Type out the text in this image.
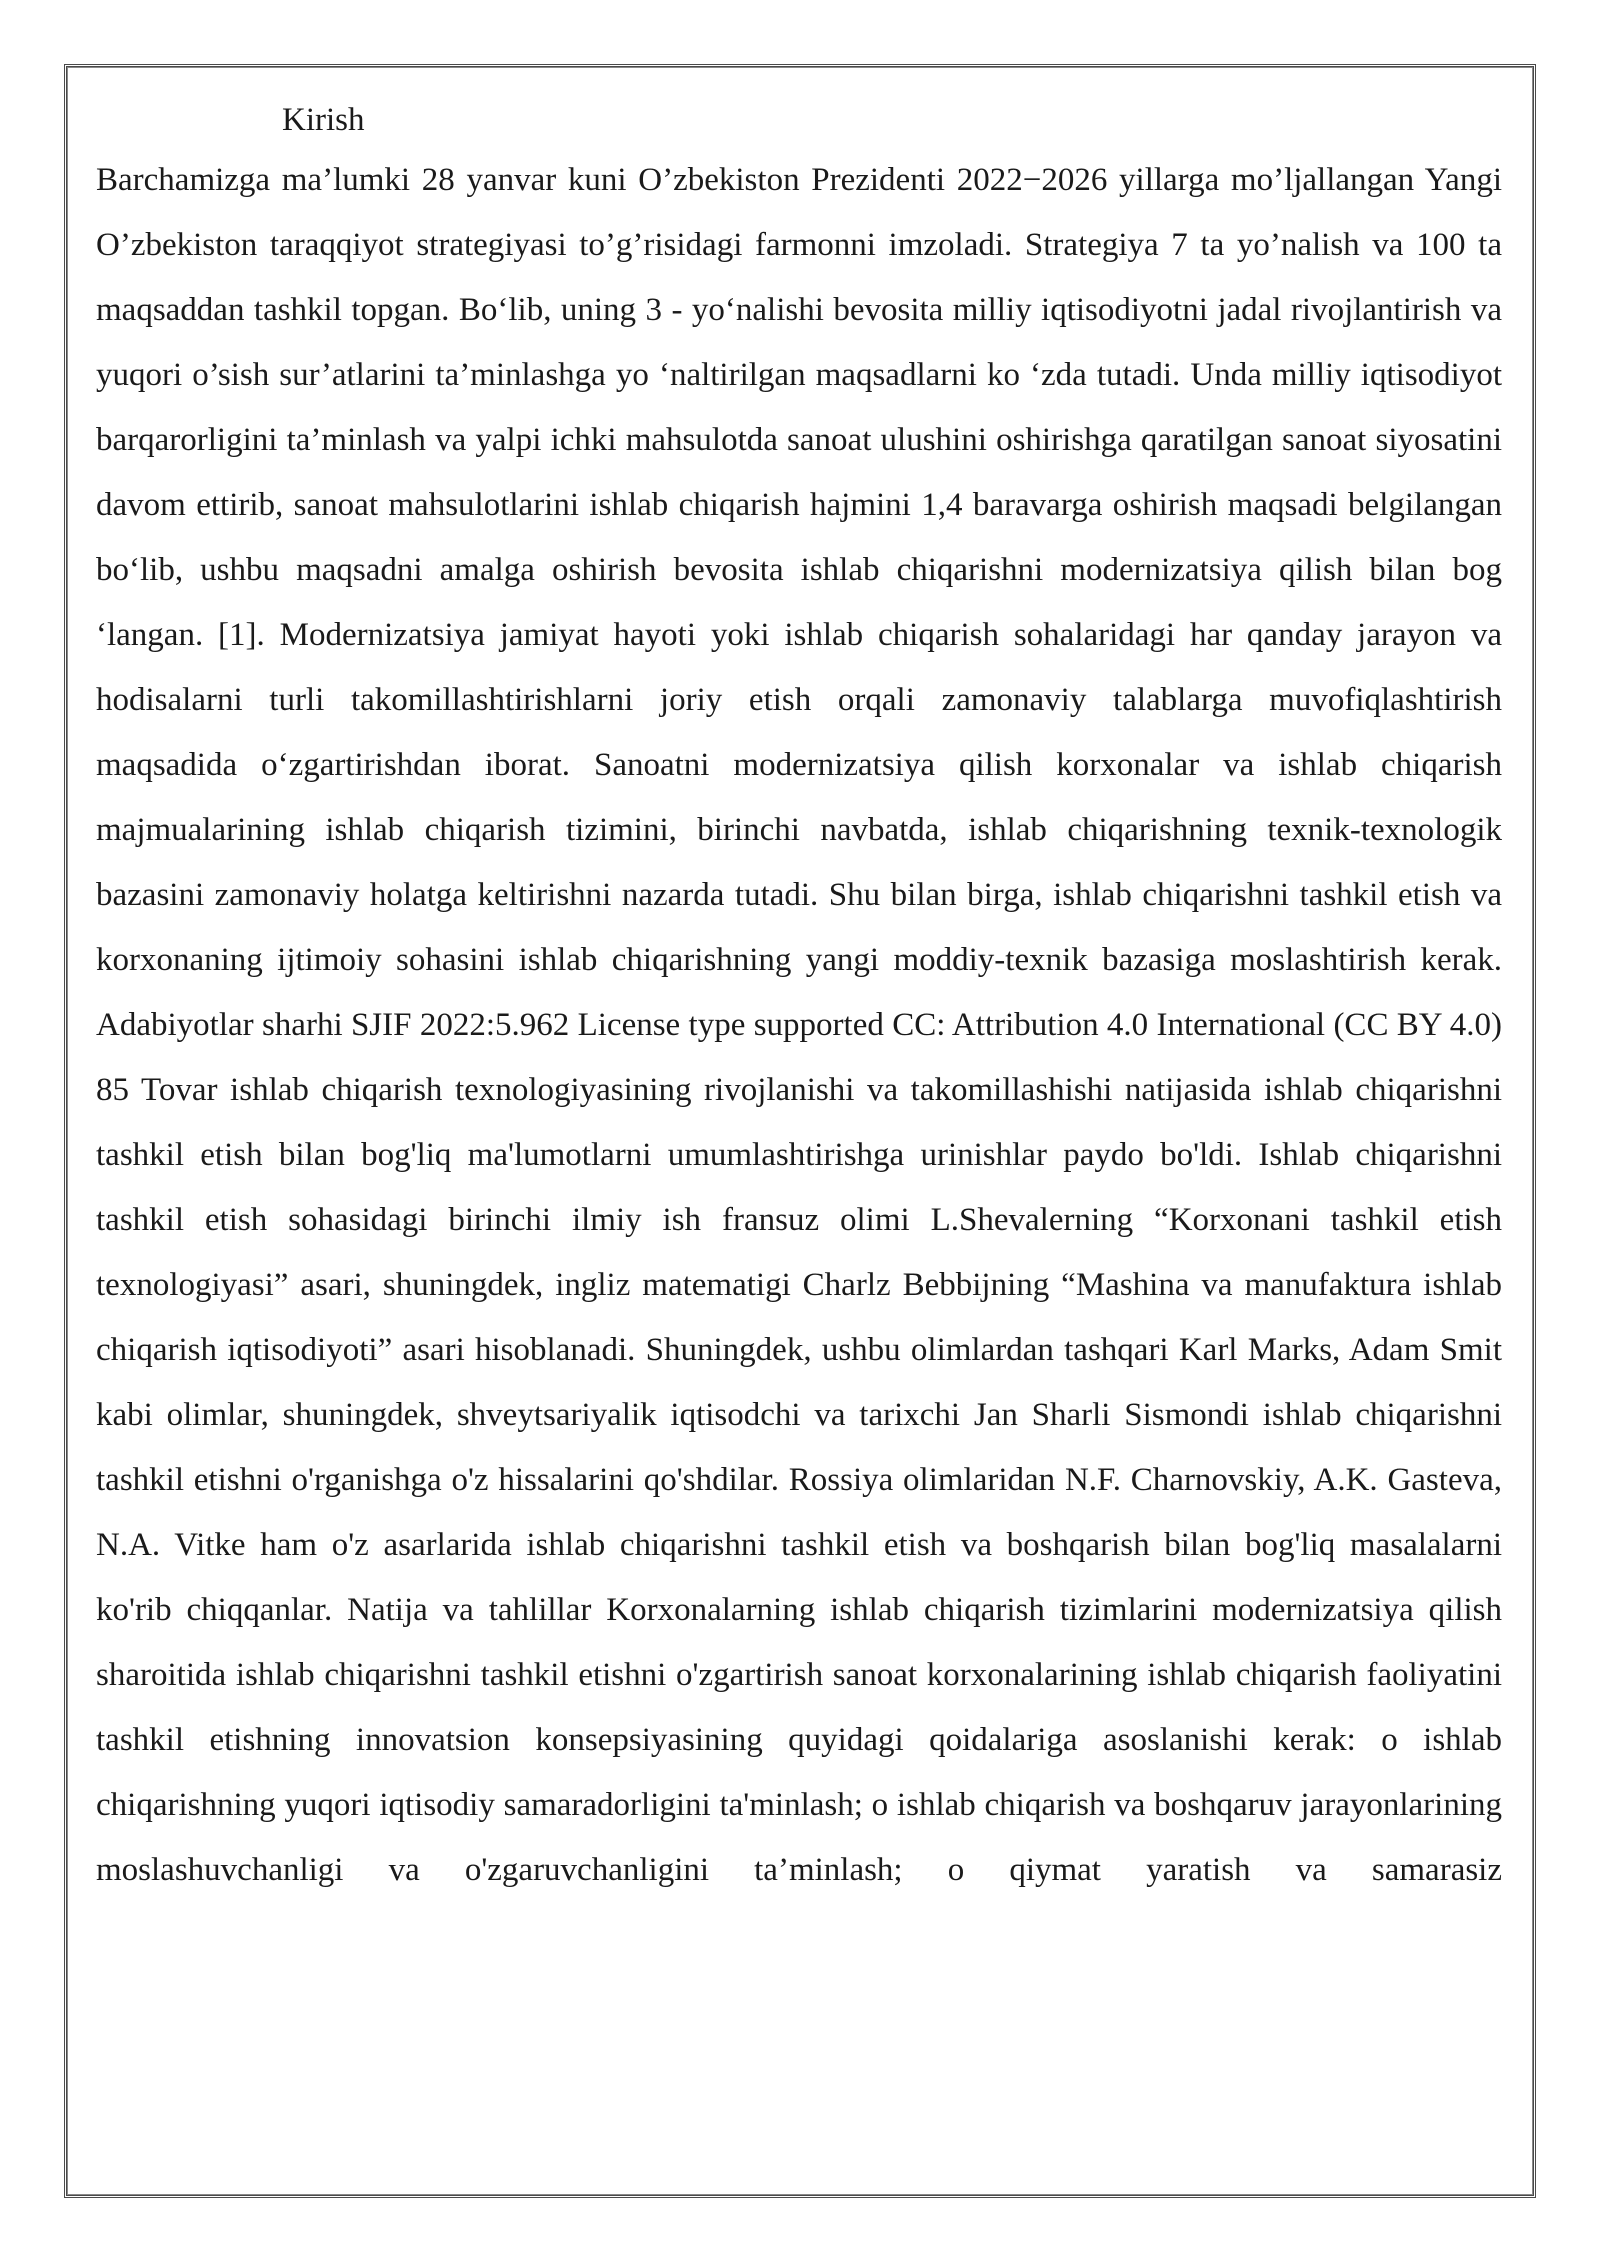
Kirish

Barchamizga ma’lumki 28 yanvar kuni O’zbekiston Prezidenti 2022−2026 yillarga mo’ljallangan Yangi O’zbekiston taraqqiyot strategiyasi to’g’risidagi farmonni imzoladi. Strategiya 7 ta yo’nalish va 100 ta maqsaddan tashkil topgan. Bo‘lib, uning 3 - yo‘nalishi bevosita milliy iqtisodiyotni jadal rivojlantirish va yuqori o’sish sur’atlarini ta’minlashga yo ‘naltirilgan maqsadlarni ko ‘zda tutadi. Unda milliy iqtisodiyot barqarorligini ta’minlash va yalpi ichki mahsulotda sanoat ulushini oshirishga qaratilgan sanoat siyosatini davom ettirib, sanoat mahsulotlarini ishlab chiqarish hajmini 1,4 baravarga oshirish maqsadi belgilangan bo‘lib, ushbu maqsadni amalga oshirish bevosita ishlab chiqarishni modernizatsiya qilish bilan bog ‘langan. [1]. Modernizatsiya jamiyat hayoti yoki ishlab chiqarish sohalaridagi har qanday jarayon va hodisalarni turli takomillashtirishlarni joriy etish orqali zamonaviy talablarga muvofiqlashtirish maqsadida o‘zgartirishdan iborat. Sanoatni modernizatsiya qilish korxonalar va ishlab chiqarish majmualarining ishlab chiqarish tizimini, birinchi navbatda, ishlab chiqarishning texnik-texnologik bazasini zamonaviy holatga keltirishni nazarda tutadi. Shu bilan birga, ishlab chiqarishni tashkil etish va korxonaning ijtimoiy sohasini ishlab chiqarishning yangi moddiy-texnik bazasiga moslashtirish kerak. Adabiyotlar sharhi SJIF 2022:5.962 License type supported CC: Attribution 4.0 International (CC BY 4.0) 85 Tovar ishlab chiqarish texnologiyasining rivojlanishi va takomillashishi natijasida ishlab chiqarishni tashkil etish bilan bog'liq ma'lumotlarni umumlashtirishga urinishlar paydo bo'ldi. Ishlab chiqarishni tashkil etish sohasidagi birinchi ilmiy ish fransuz olimi L.Shevalerning “Korxonani tashkil etish texnologiyasi” asari, shuningdek, ingliz matematigi Charlz Bebbijning “Mashina va manufaktura ishlab chiqarish iqtisodiyoti” asari hisoblanadi. Shuningdek, ushbu olimlardan tashqari Karl Marks, Adam Smit kabi olimlar, shuningdek, shveytsariyalik iqtisodchi va tarixchi Jan Sharli Sismondi ishlab chiqarishni tashkil etishni o'rganishga o'z hissalarini qo'shdilar. Rossiya olimlaridan N.F. Charnovskiy, A.K. Gasteva, N.A. Vitke ham o'z asarlarida ishlab chiqarishni tashkil etish va boshqarish bilan bog'liq masalalarni ko'rib chiqqanlar. Natija va tahlillar Korxonalarning ishlab chiqarish tizimlarini modernizatsiya qilish sharoitida ishlab chiqarishni tashkil etishni o'zgartirish sanoat korxonalarining ishlab chiqarish faoliyatini tashkil etishning innovatsion konsepsiyasining quyidagi qoidalariga asoslanishi kerak: o ishlab chiqarishning yuqori iqtisodiy samaradorligini ta'minlash; o ishlab chiqarish va boshqaruv jarayonlarining moslashuvchanligi va o'zgaruvchanligini ta’minlash; o qiymat yaratish va samarasiz
